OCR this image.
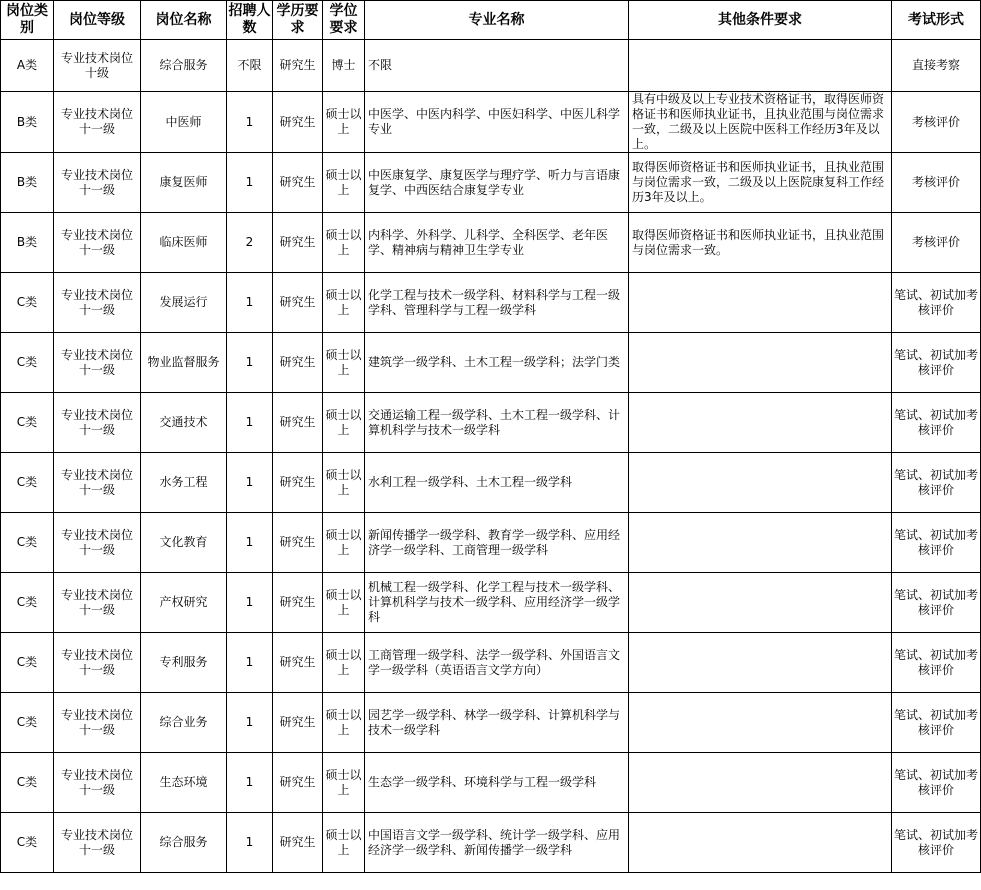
岗位类别	岗位等级	岗位名称	招聘人数	学历要求	学位要求	专业名称	其他条件要求	考试形式
A类	专业技术岗位十级	综合服务	不限	研究生	博士	不限		直接考察
B类	专业技术岗位十一级	中医师	1	研究生	硕士以上	中医学、中医内科学、中医妇科学、中医儿科学专业	具有中级及以上专业技术资格证书，取得医师资格证书和医师执业证书，且执业范围与岗位需求一致，二级及以上医院中医科工作经历3年及以上。	考核评价
B类	专业技术岗位十一级	康复医师	1	研究生	硕士以上	中医康复学、康复医学与理疗学、听力与言语康复学、中西医结合康复学专业	取得医师资格证书和医师执业证书，且执业范围与岗位需求一致，二级及以上医院康复科工作经历3年及以上。	考核评价
B类	专业技术岗位十一级	临床医师	2	研究生	硕士以上	内科学、外科学、儿科学、全科医学、老年医学、精神病与精神卫生学专业	取得医师资格证书和医师执业证书，且执业范围与岗位需求一致。	考核评价
C类	专业技术岗位十一级	发展运行	1	研究生	硕士以上	化学工程与技术一级学科、材料科学与工程一级学科、管理科学与工程一级学科		笔试、初试加考核评价
C类	专业技术岗位十一级	物业监督服务	1	研究生	硕士以上	建筑学一级学科、土木工程一级学科；法学门类		笔试、初试加考核评价
C类	专业技术岗位十一级	交通技术	1	研究生	硕士以上	交通运输工程一级学科、土木工程一级学科、计算机科学与技术一级学科		笔试、初试加考核评价
C类	专业技术岗位十一级	水务工程	1	研究生	硕士以上	水利工程一级学科、土木工程一级学科		笔试、初试加考核评价
C类	专业技术岗位十一级	文化教育	1	研究生	硕士以上	新闻传播学一级学科、教育学一级学科、应用经济学一级学科、工商管理一级学科		笔试、初试加考核评价
C类	专业技术岗位十一级	产权研究	1	研究生	硕士以上	机械工程一级学科、化学工程与技术一级学科、计算机科学与技术一级学科、应用经济学一级学科		笔试、初试加考核评价
C类	专业技术岗位十一级	专利服务	1	研究生	硕士以上	工商管理一级学科、法学一级学科、外国语言文学一级学科（英语语言文学方向）		笔试、初试加考核评价
C类	专业技术岗位十一级	综合业务	1	研究生	硕士以上	园艺学一级学科、林学一级学科、计算机科学与技术一级学科		笔试、初试加考核评价
C类	专业技术岗位十一级	生态环境	1	研究生	硕士以上	生态学一级学科、环境科学与工程一级学科		笔试、初试加考核评价
C类	专业技术岗位十一级	综合服务	1	研究生	硕士以上	中国语言文学一级学科、统计学一级学科、应用经济学一级学科、新闻传播学一级学科		笔试、初试加考核评价
